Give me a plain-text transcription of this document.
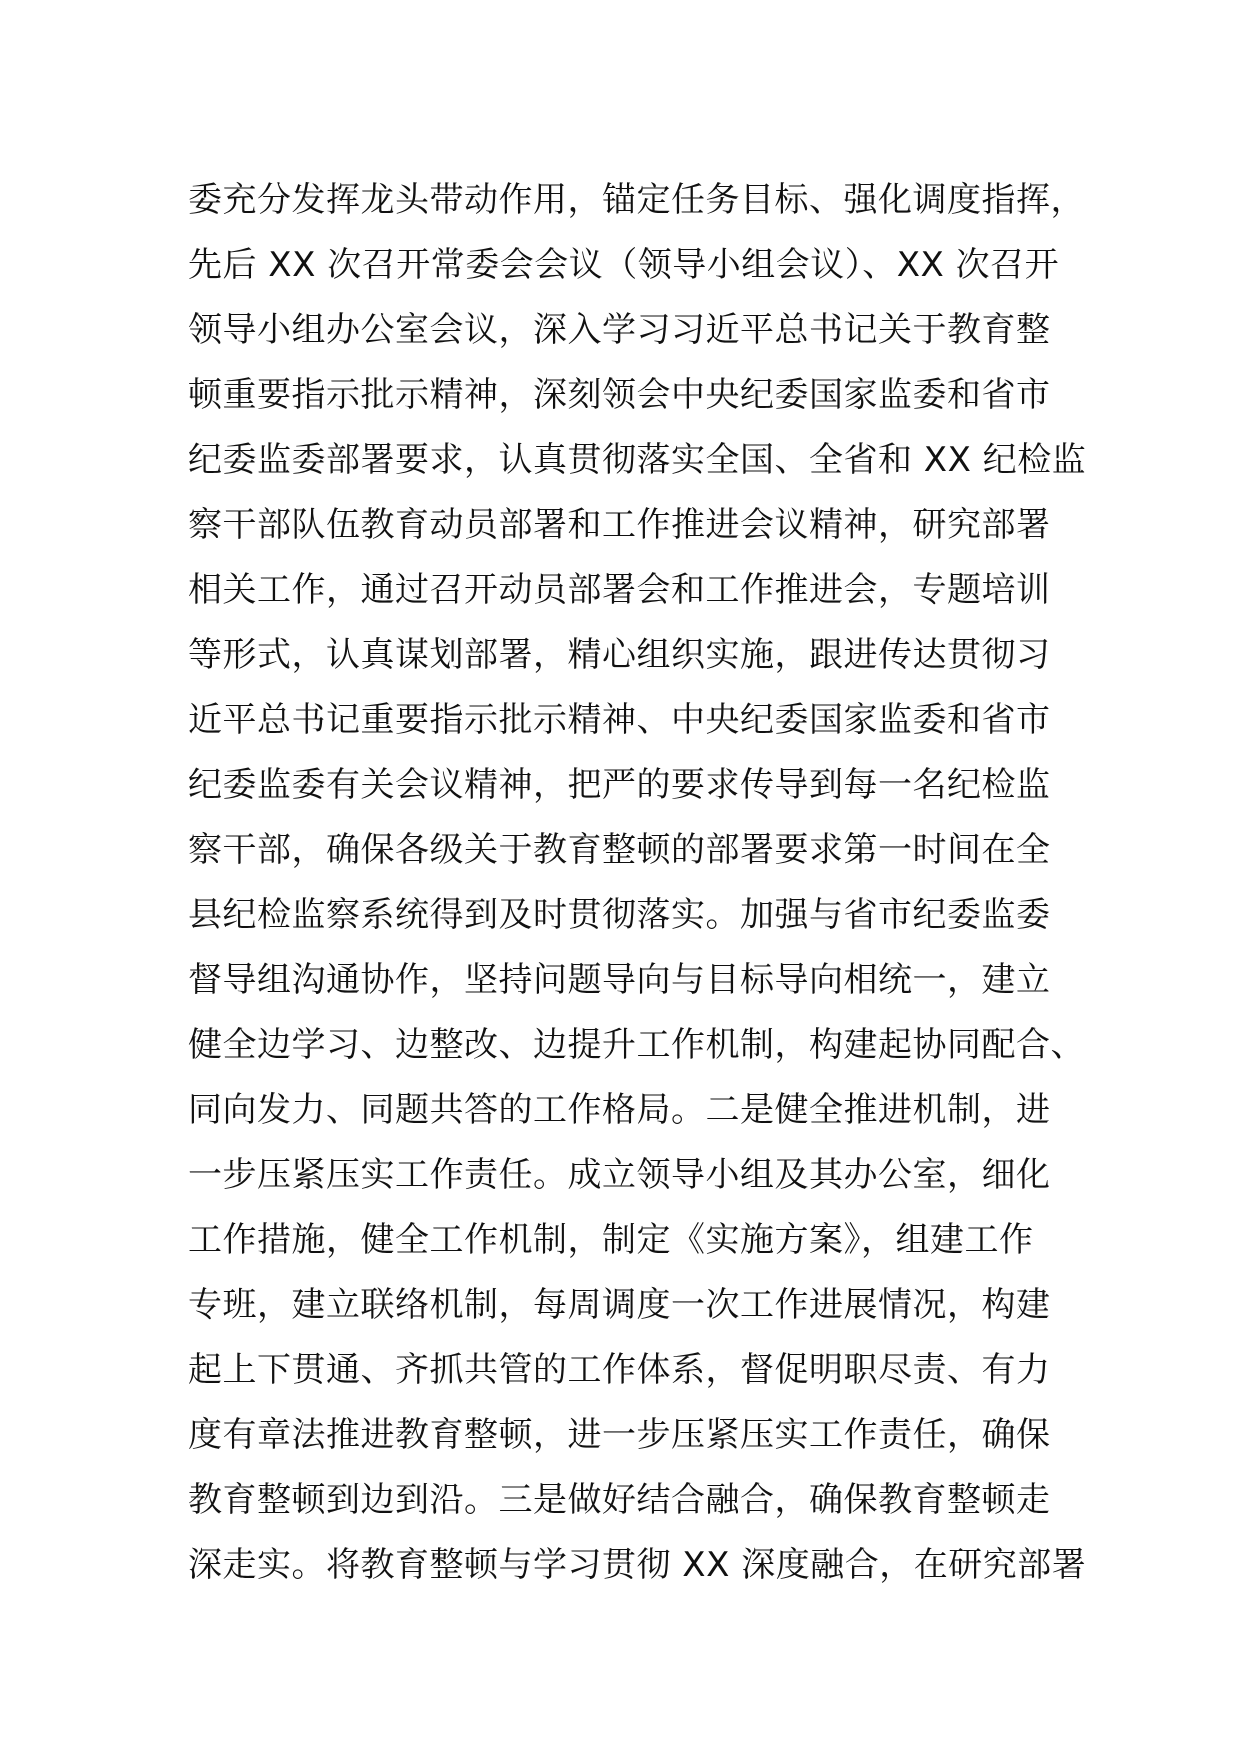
委充分发挥龙头带动作用，锚定任务目标、强化调度指挥，
先后 XX 次召开常委会会议（领导小组会议）、XX 次召开
领导小组办公室会议，深入学习习近平总书记关于教育整
顿重要指示批示精神，深刻领会中央纪委国家监委和省市
纪委监委部署要求，认真贯彻落实全国、全省和 XX 纪检监
察干部队伍教育动员部署和工作推进会议精神，研究部署
相关工作，通过召开动员部署会和工作推进会，专题培训
等形式，认真谋划部署，精心组织实施，跟进传达贯彻习
近平总书记重要指示批示精神、中央纪委国家监委和省市
纪委监委有关会议精神，把严的要求传导到每一名纪检监
察干部，确保各级关于教育整顿的部署要求第一时间在全
县纪检监察系统得到及时贯彻落实。加强与省市纪委监委
督导组沟通协作，坚持问题导向与目标导向相统一，建立
健全边学习、边整改、边提升工作机制，构建起协同配合、
同向发力、同题共答的工作格局。二是健全推进机制，进
一步压紧压实工作责任。成立领导小组及其办公室，细化
工作措施，健全工作机制，制定《实施方案》，组建工作
专班，建立联络机制，每周调度一次工作进展情况，构建
起上下贯通、齐抓共管的工作体系，督促明职尽责、有力
度有章法推进教育整顿，进一步压紧压实工作责任，确保
教育整顿到边到沿。三是做好结合融合，确保教育整顿走
深走实。将教育整顿与学习贯彻 XX 深度融合，在研究部署
